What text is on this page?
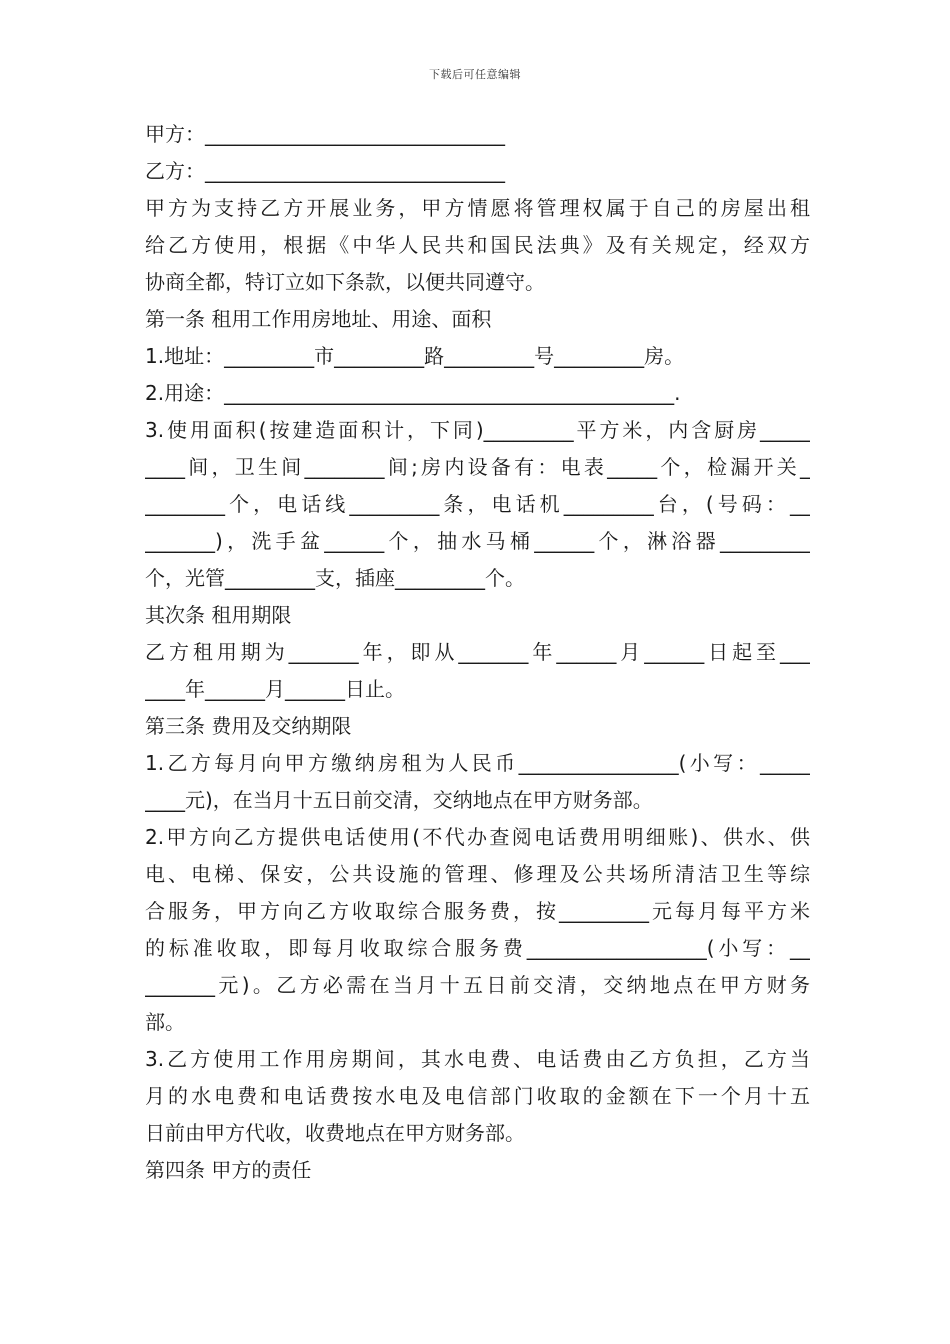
下载后可任意编辑
甲方：______________________________
乙方：______________________________
甲方为支持乙方开展业务，甲方情愿将管理权属于自己的房屋出租
给乙方使用，根据《中华人民共和国民法典》及有关规定，经双方
协商全都，特订立如下条款，以便共同遵守。
第一条 租用工作用房地址、用途、面积
1.地址：_________市_________路_________号_________房。
2.用途：_____________________________________________.
3.使用面积(按建造面积计，下同)_________平方米，内含厨房_____
____间，卫生间________间;房内设备有：电表_____个，检漏开关_
________个，电话线_________条，电话机_________台，(号码：__
_______)，洗手盆______个，抽水马桶______个，淋浴器_________
个，光管_________支，插座_________个。
其次条 租用期限
乙方租用期为_______年，即从_______年______月______日起至___
____年______月______日止。
第三条 费用及交纳期限
1.乙方每月向甲方缴纳房租为人民币________________(小写：_____
____元)，在当月十五日前交清，交纳地点在甲方财务部。
2.甲方向乙方提供电话使用(不代办查阅电话费用明细账)、供水、供
电、电梯、保安，公共设施的管理、修理及公共场所清洁卫生等综
合服务，甲方向乙方收取综合服务费，按_________元每月每平方米
的标准收取，即每月收取综合服务费__________________(小写：__
_______元)。乙方必需在当月十五日前交清，交纳地点在甲方财务
部。
3.乙方使用工作用房期间，其水电费、电话费由乙方负担，乙方当
月的水电费和电话费按水电及电信部门收取的金额在下一个月十五
日前由甲方代收，收费地点在甲方财务部。
第四条 甲方的责任
